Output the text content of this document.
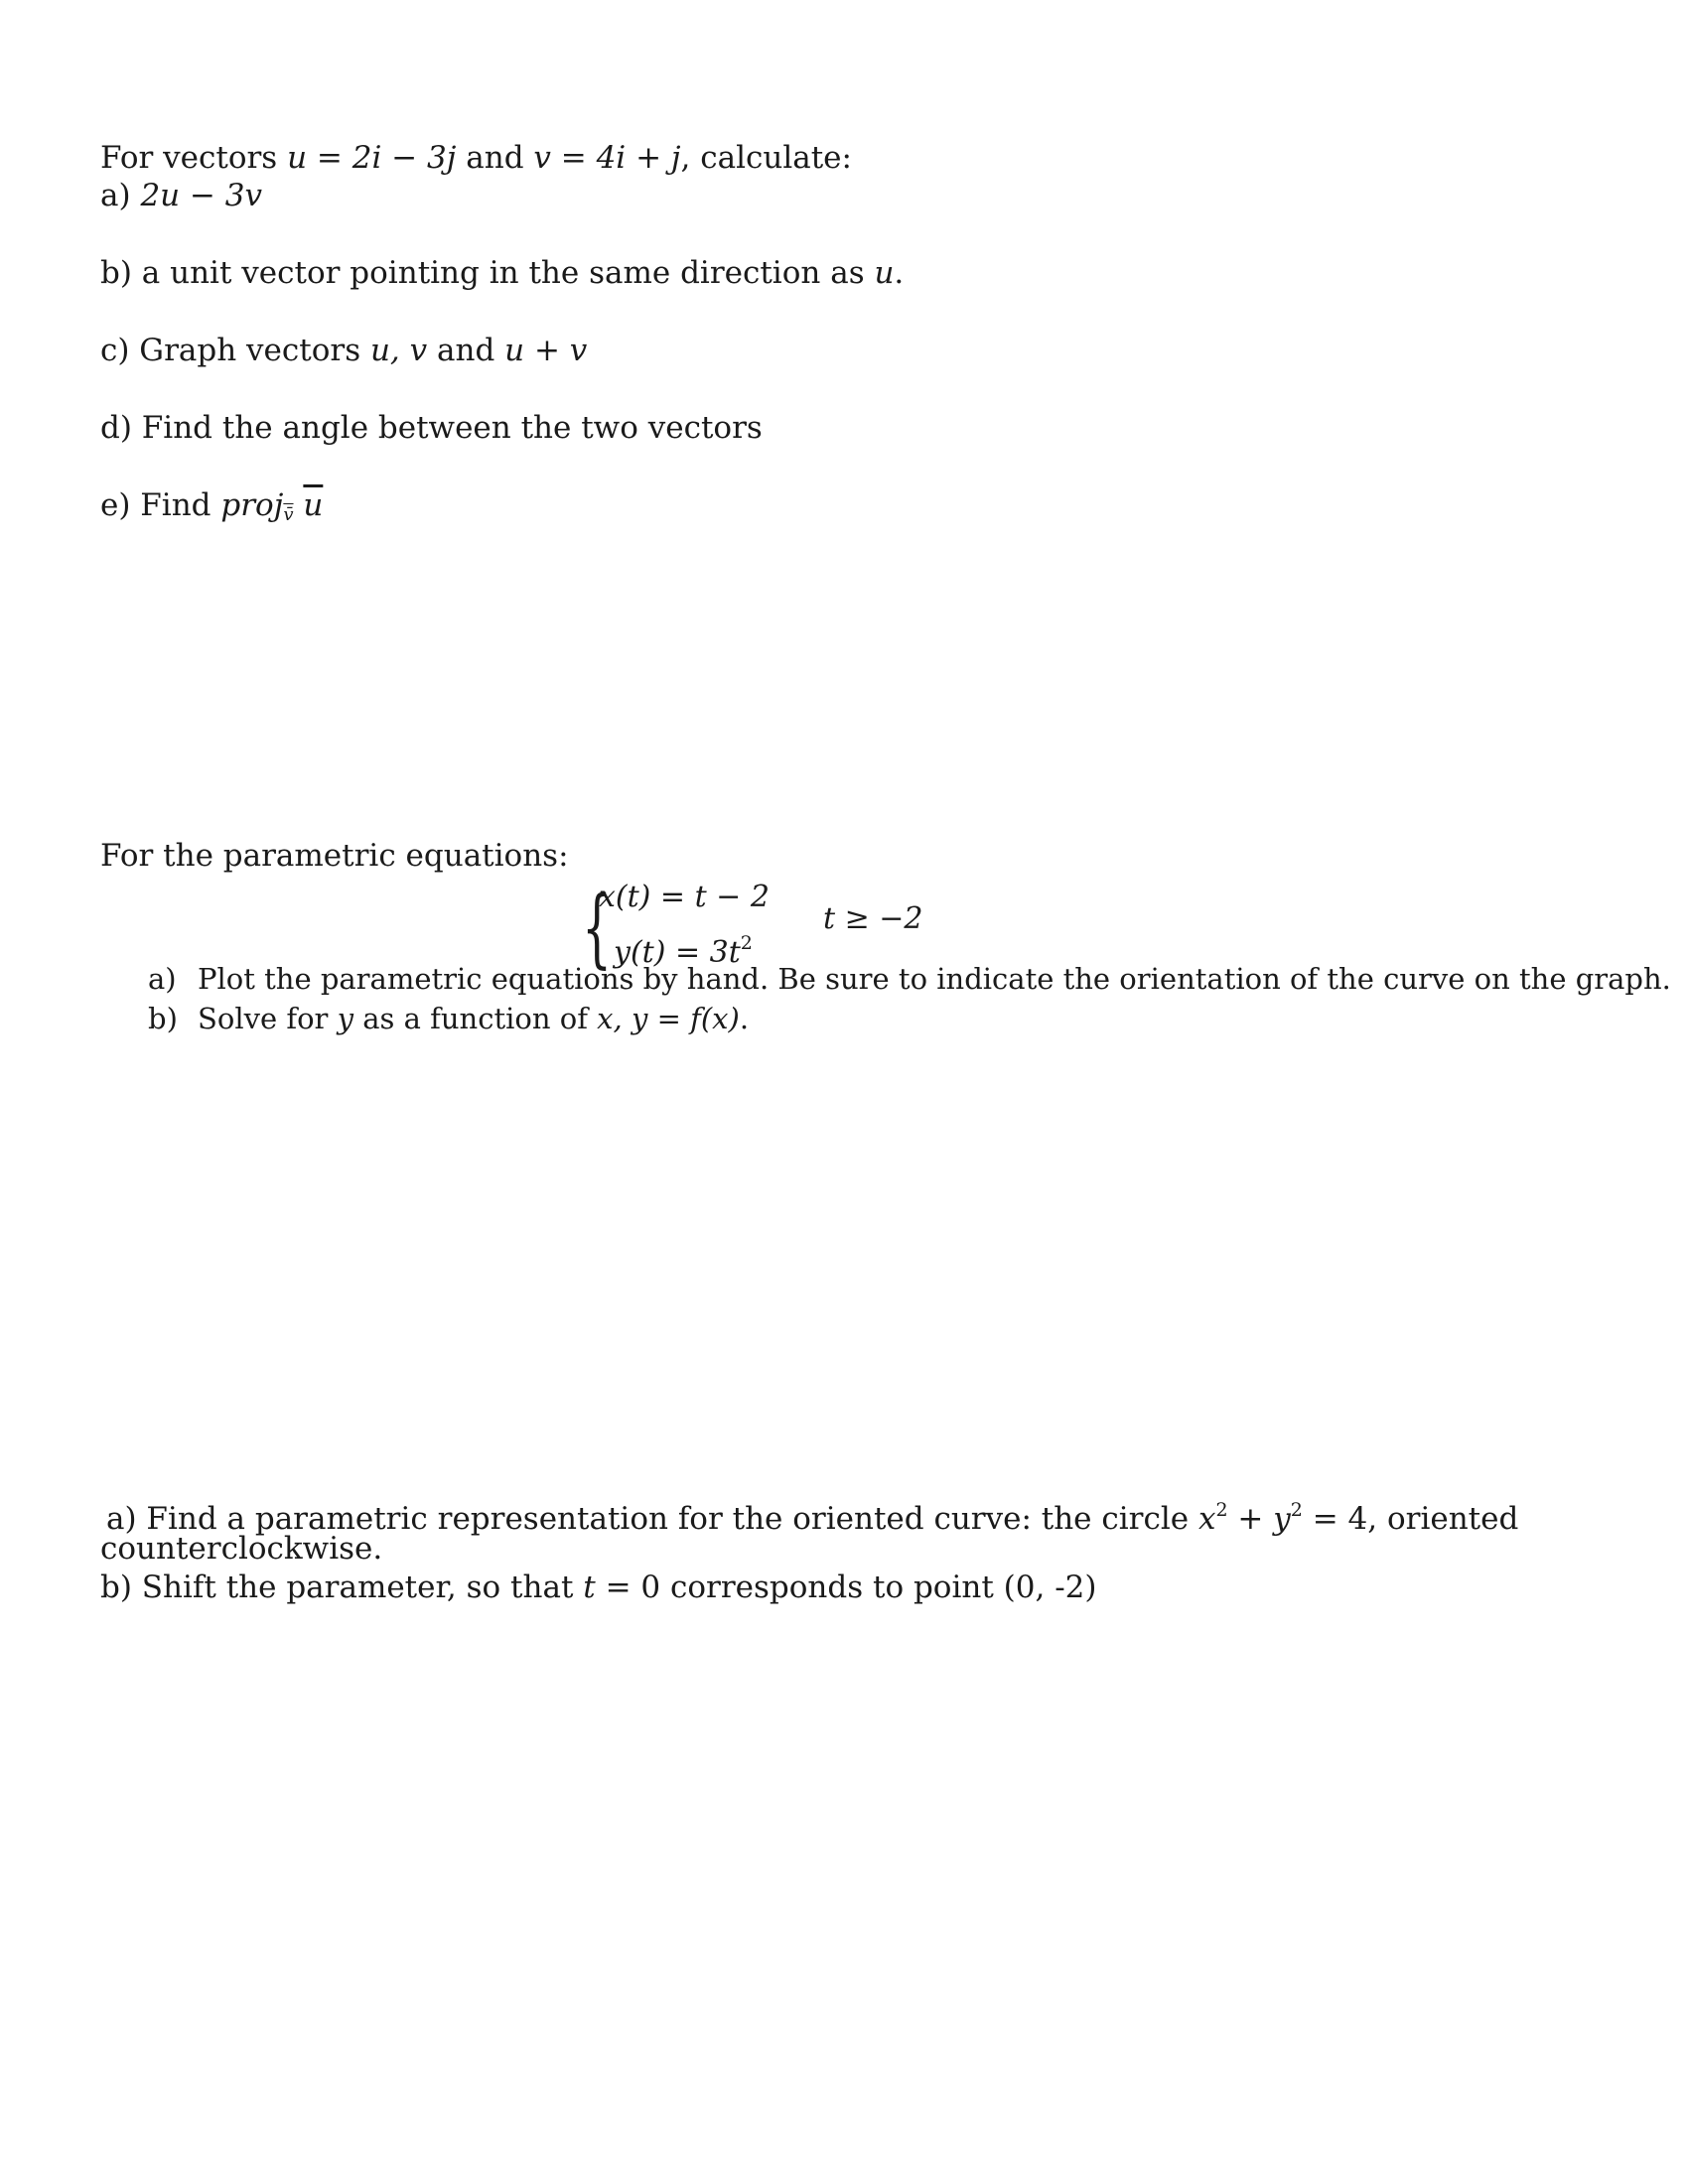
For vectors u = 2i − 3j and v = 4i + j, calculate:
a) 2u − 3v
b) a unit vector pointing in the same direction as u.
c) Graph vectors u, v and u + v
d) Find the angle between the two vectors
e) Find proj$_{v̄}$ $\overline{u}$
For the parametric equations:
{
x(t) = t − 2
$y(t) = 3t^2$
t ≥ −2
a) Plot the parametric equations by hand. Be sure to indicate the orientation of the curve on the graph.
b) Solve for y as a function of x, y = f(x).
a) Find a parametric representation for the oriented curve: the circle $x^2 + y^2 = 4$, oriented
counterclockwise.
b) Shift the parameter, so that t = 0 corresponds to point (0, -2)
